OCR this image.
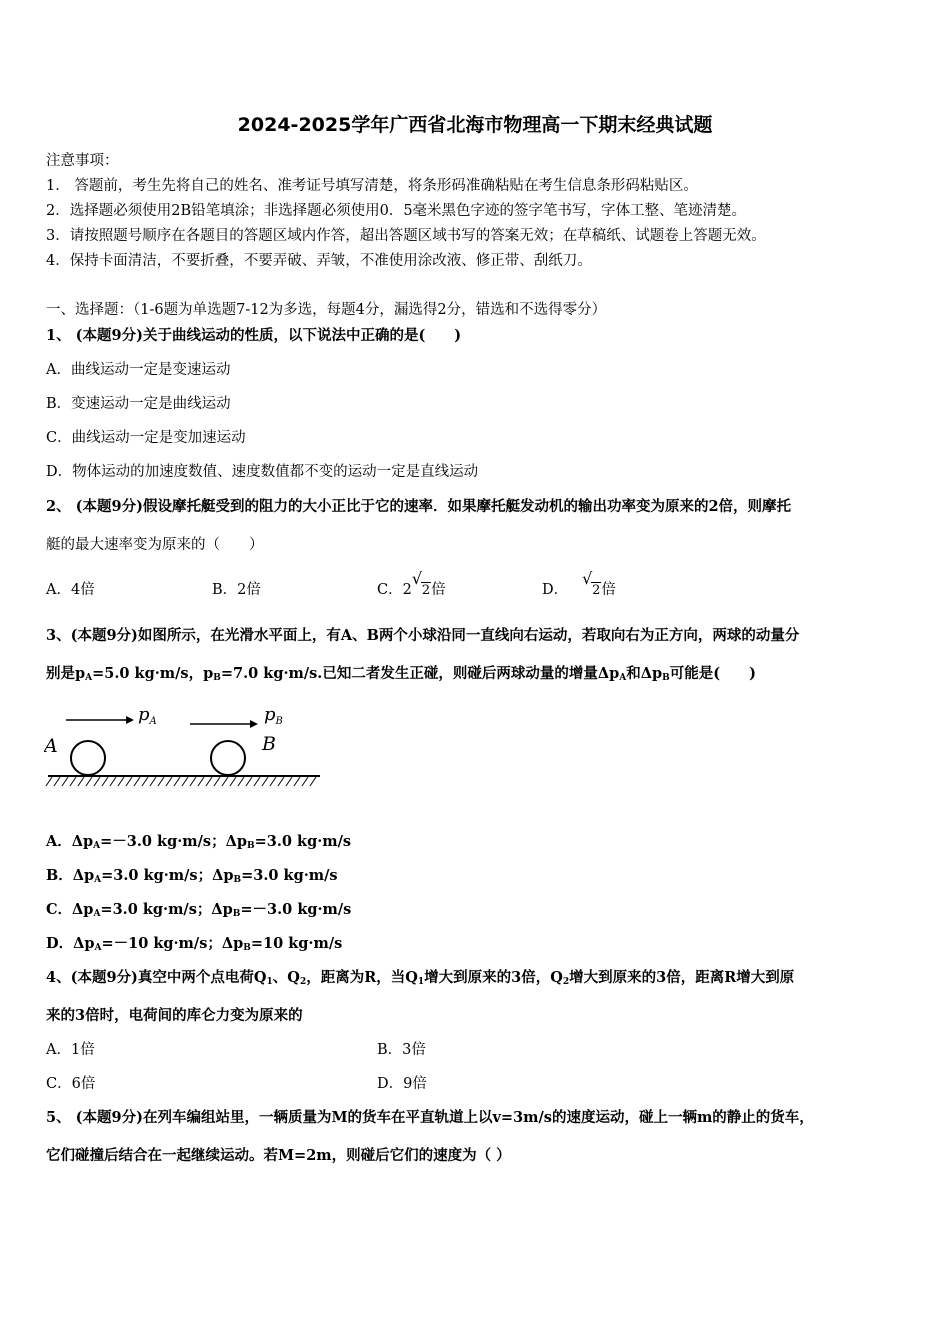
2024-2025学年广西省北海市物理高一下期末经典试题
注意事项：
1． 答题前，考生先将自己的姓名、准考证号填写清楚，将条形码准确粘贴在考生信息条形码粘贴区。
2．选择题必须使用2B铅笔填涂；非选择题必须使用0．5毫米黑色字迹的签字笔书写，字体工整、笔迹清楚。
3．请按照题号顺序在各题目的答题区域内作答，超出答题区域书写的答案无效；在草稿纸、试题卷上答题无效。
4．保持卡面清洁，不要折叠，不要弄破、弄皱，不准使用涂改液、修正带、刮纸刀。
一、选择题：（1-6题为单选题7-12为多选，每题4分，漏选得2分，错选和不选得零分）
1、 (本题9分)关于曲线运动的性质，以下说法中正确的是(　　)
A．曲线运动一定是变速运动
B．变速运动一定是曲线运动
C．曲线运动一定是变加速运动
D．物体运动的加速度数值、速度数值都不变的运动一定是直线运动
2、 (本题9分)假设摩托艇受到的阻力的大小正比于它的速率．如果摩托艇发动机的输出功率变为原来的2倍，则摩托
艇的最大速率变为原来的（　　）
A．4倍	B．2倍	C．2
√
2倍	D．
√
2倍
3、(本题9分)如图所示，在光滑水平面上，有A、B两个小球沿同一直线向右运动，若取向右为正方向，两球的动量分
别是$p_A=5.0$ kg·m/s，$p_B=7.0$ kg·m/s.已知二者发生正碰，则碰后两球动量的增量$\Delta p_A$和$\Delta p_B$可能是(　　)
$p_A$	$p_B$
A	B
A．$\Delta p_A=-3.0$ kg·m/s；$\Delta p_B=3.0$ kg·m/s
B．$\Delta p_A=3.0$ kg·m/s；$\Delta p_B=3.0$ kg·m/s
C．$\Delta p_A=3.0$ kg·m/s；$\Delta p_B=-3.0$ kg·m/s
D．$\Delta p_A=-10$ kg·m/s；$\Delta p_B=10$ kg·m/s
4、(本题9分)真空中两个点电荷$Q_1$、$Q_2$，距离为R，当$Q_1$增大到原来的3倍，$Q_2$增大到原来的3倍，距离R增大到原
来的3倍时，电荷间的库仑力变为原来的
A．1倍	B．3倍
C．6倍	D．9倍
5、 (本题9分)在列车编组站里，一辆质量为M的货车在平直轨道上以v=3m/s的速度运动，碰上一辆m的静止的货车，
它们碰撞后结合在一起继续运动。若M=2m，则碰后它们的速度为（ ）
